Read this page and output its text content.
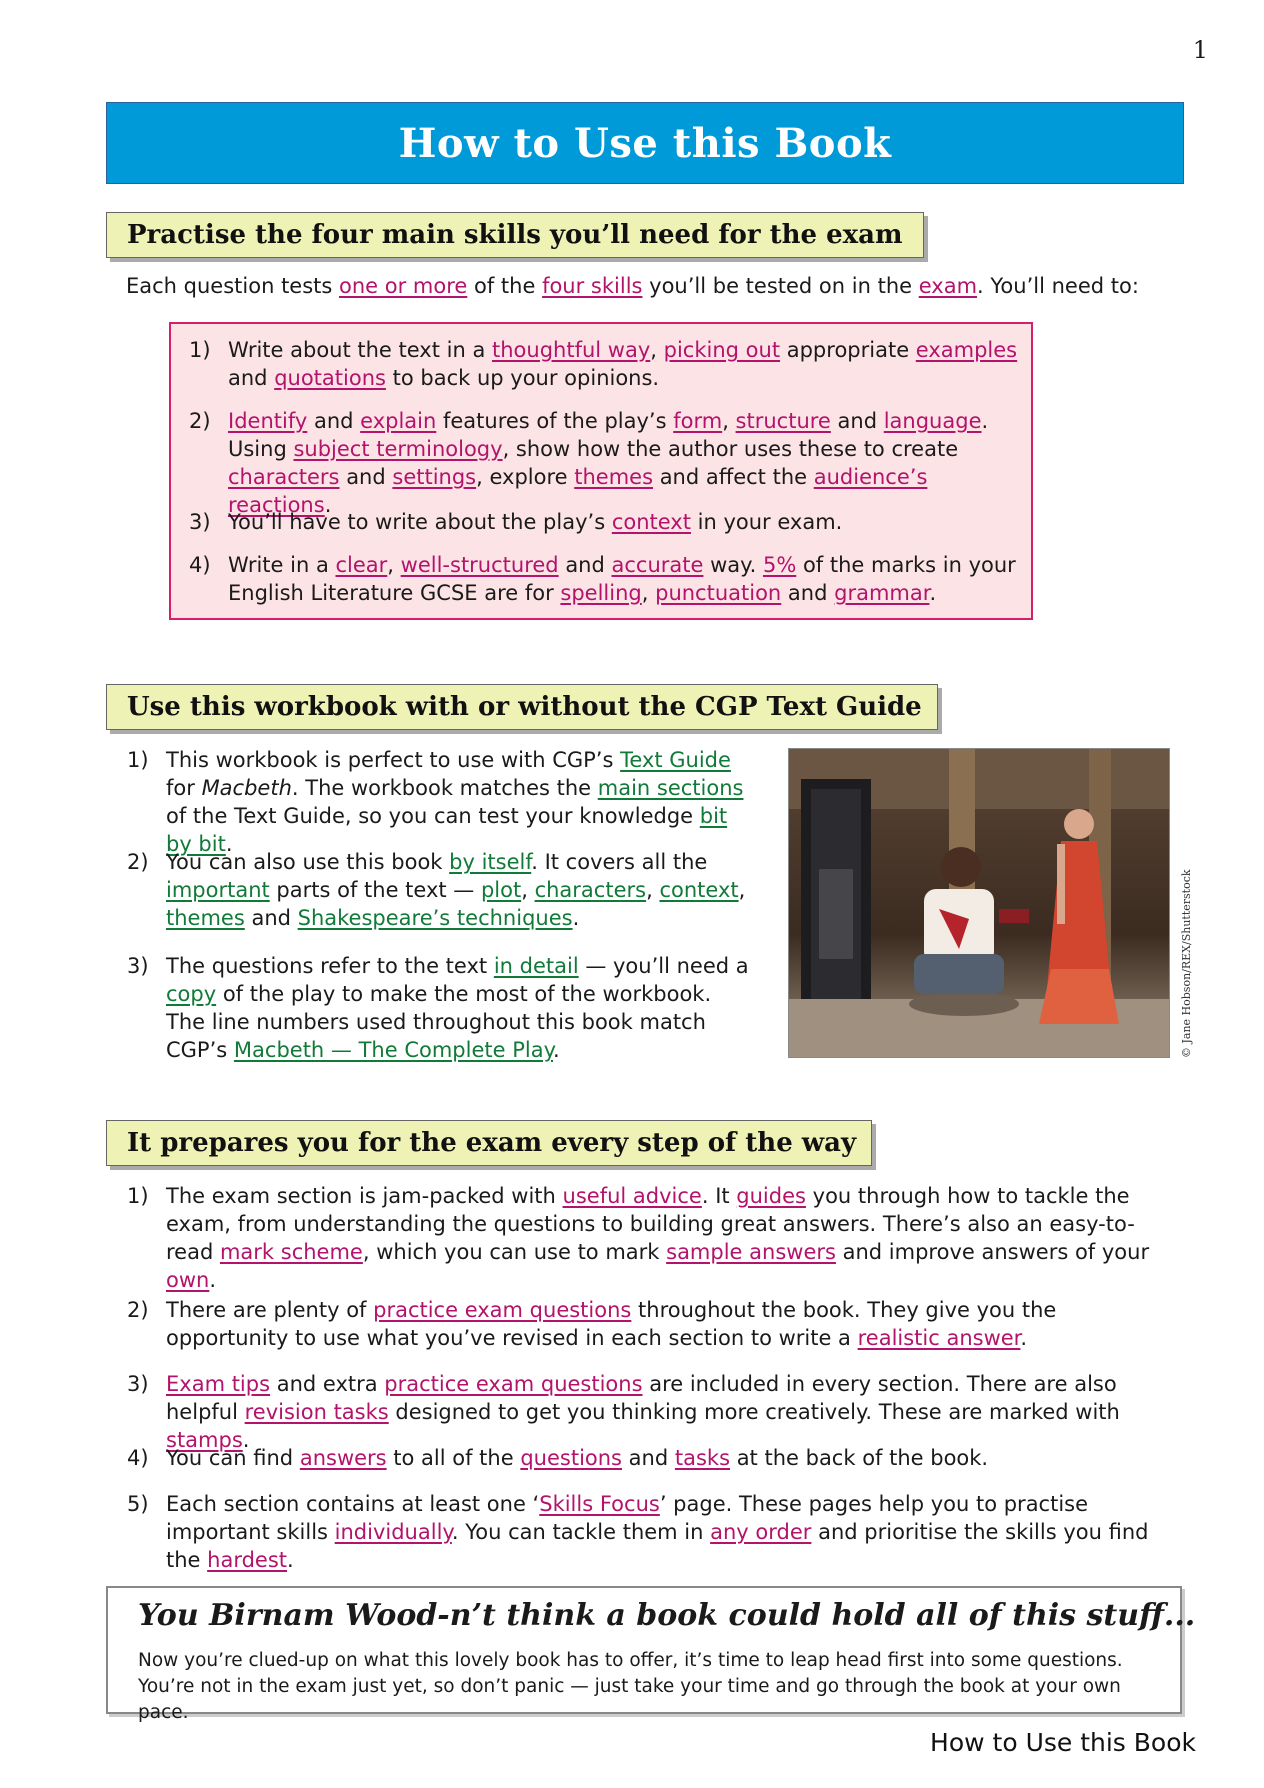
1
How to Use this Book
Practise the four main skills you’ll need for the exam
Each question tests one or more of the four skills you’ll be tested on in the exam. You’ll need to:
1) Write about the text in a thoughtful way, picking out appropriate examples and quotations to back up your opinions.
2) Identify and explain features of the play’s form, structure and language. Using subject terminology, show how the author uses these to create characters and settings, explore themes and affect the audience’s reactions.
3) You’ll have to write about the play’s context in your exam.
4) Write in a clear, well-structured and accurate way. 5% of the marks in your English Literature GCSE are for spelling, punctuation and grammar.
Use this workbook with or without the CGP Text Guide
1) This workbook is perfect to use with CGP’s Text Guide for Macbeth. The workbook matches the main sections of the Text Guide, so you can test your knowledge bit by bit.
2) You can also use this book by itself. It covers all the important parts of the text — plot, characters, context, themes and Shakespeare’s techniques.
3) The questions refer to the text in detail — you’ll need a copy of the play to make the most of the workbook. The line numbers used throughout this book match CGP’s Macbeth — The Complete Play.	© Jane Hobson/REX/Shutterstock
It prepares you for the exam every step of the way
1) The exam section is jam-packed with useful advice. It guides you through how to tackle the exam, from understanding the questions to building great answers. There’s also an easy-to-read mark scheme, which you can use to mark sample answers and improve answers of your own.
2) There are plenty of practice exam questions throughout the book. They give you the opportunity to use what you’ve revised in each section to write a realistic answer.
3) Exam tips and extra practice exam questions are included in every section. There are also helpful revision tasks designed to get you thinking more creatively. These are marked with stamps.
4) You can find answers to all of the questions and tasks at the back of the book.
5) Each section contains at least one ‘Skills Focus’ page. These pages help you to practise important skills individually. You can tackle them in any order and prioritise the skills you find the hardest.
You Birnam Wood-n’t think a book could hold all of this stuff...

Now you’re clued-up on what this lovely book has to offer, it’s time to leap head first into some questions.
You’re not in the exam just yet, so don’t panic — just take your time and go through the book at your own pace.

How to Use this Book
